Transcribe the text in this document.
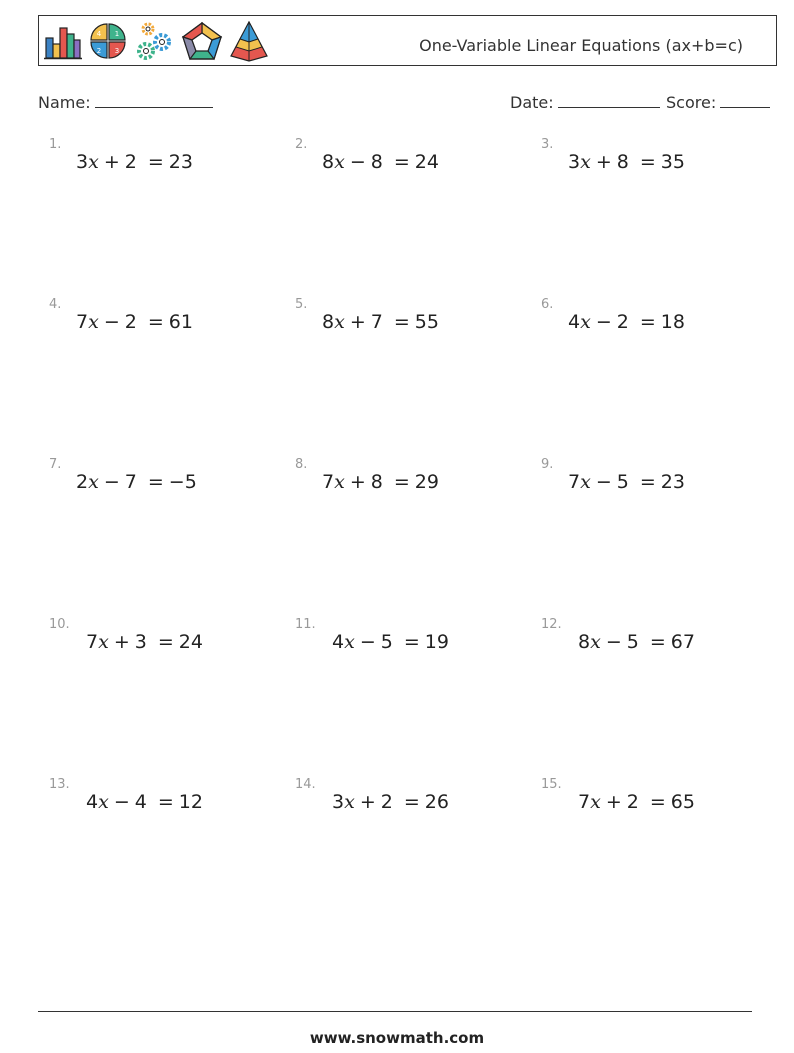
4 1
2 3	One-Variable Linear Equations (ax+b=c)
Name:	Date:	Score:
1.
3x + 2 = 23
2.
8x − 8 = 24
3.
3x + 8 = 35
4.
7x − 2 = 61
5.
8x + 7 = 55
6.
4x − 2 = 18
7.
2x − 7 = −5
8.
7x + 8 = 29
9.
7x − 5 = 23
10.
7x + 3 = 24
11.
4x − 5 = 19
12.
8x − 5 = 67
13.
4x − 4 = 12
14.
3x + 2 = 26
15.
7x + 2 = 65
www.snowmath.com
